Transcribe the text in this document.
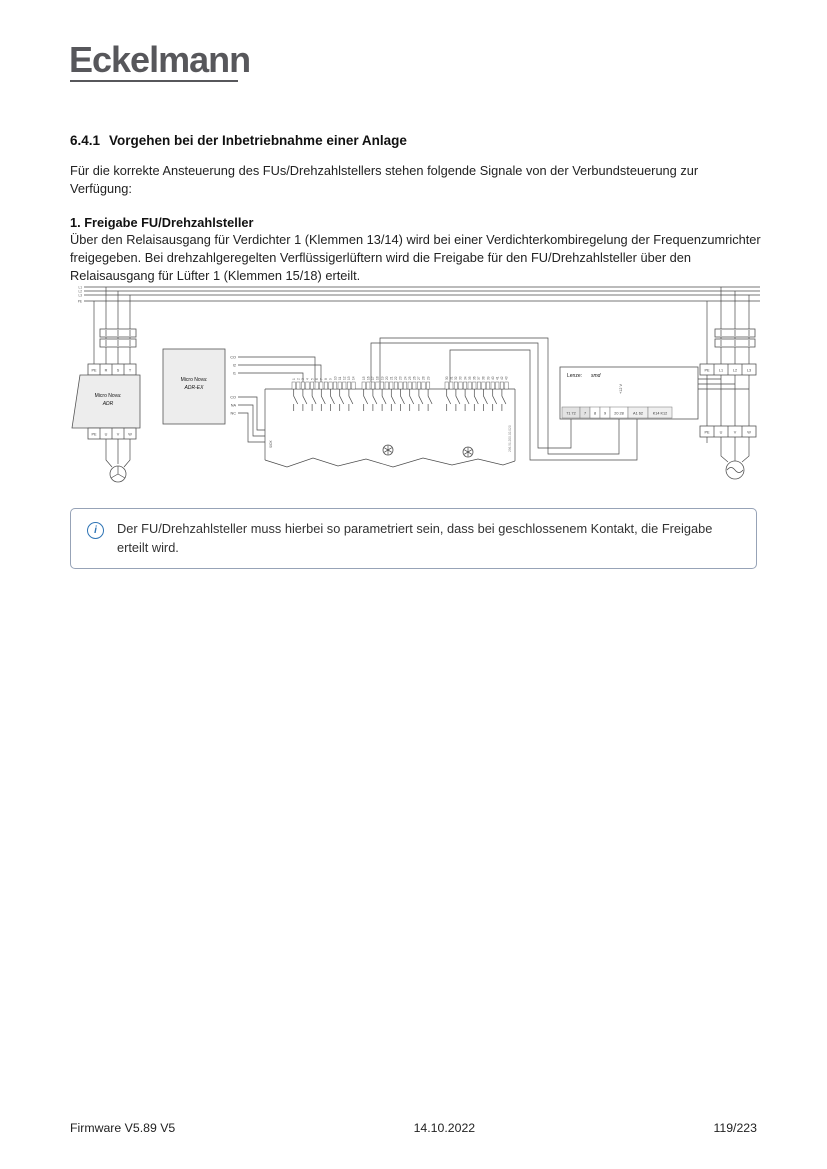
Eckelmann
6.4.1 Vorgehen bei der Inbetriebnahme einer Anlage

Für die korrekte Ansteuerung des FUs/Drehzahlstellers stehen folgende Signale von der Verbundsteuerung zur Verfügung:

1. Freigabe FU/Drehzahlsteller

Über den Relaisausgang für Verdichter 1 (Klemmen 13/14) wird bei einer Verdichterkombiregelung der Frequenzumrichter freigegeben. Bei drehzahlgeregelten Verflüssigerlüftern wird die Freigabe für den FU/Drehzahlsteller über den Relaisausgang für Lüfter 1 (Klemmen 15/18) erteilt.

L1
L2
L3
PE
PE R S	T
Micro Nova:
ADR
PE U V W
Micro Nova:
ADR-EX
CO
I2
I1
CO
NA
NC
1 2 3 4 5 6 7 8 9 10 11 12 13 14 15 16 17 18 19 20 21 22 23 24 25 26 27 28 29	30 31 32 33 34 35 36 37 38 39 40 41 42 43
SIOX	296.51.200.02.020
Lenze: smd
+12 V
71 72 7 8 9 20 28 A1 62	K14 K12
PE L1	L2	L3
PE	U	V	W
i	Der FU/Drehzahlsteller muss hierbei so parametriert sein, dass bei geschlossenem Kontakt, die Freigabe erteilt wird.
Firmware V5.89 V5	14.10.2022	119/223
